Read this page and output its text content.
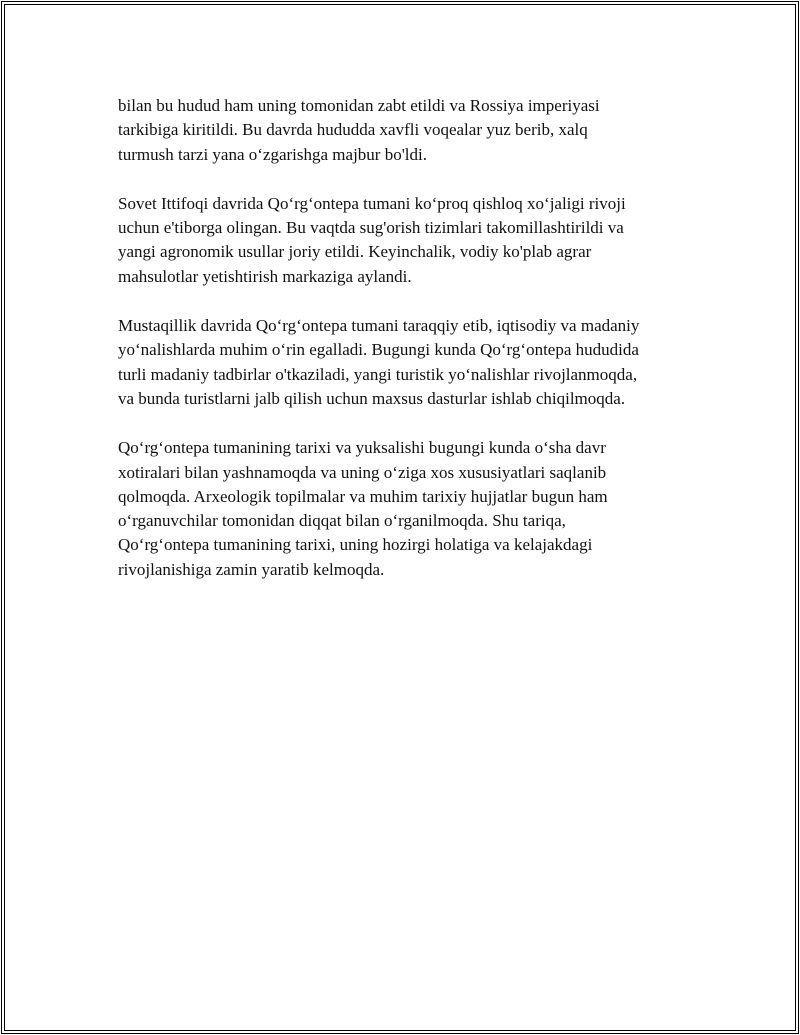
bilan bu hudud ham uning tomonidan zabt etildi va Rossiya imperiyasi
tarkibiga kiritildi. Bu davrda hududda xavfli voqealar yuz berib, xalq
turmush tarzi yana oʻzgarishga majbur bo'ldi.

Sovet Ittifoqi davrida Qoʻrgʻontepa tumani koʻproq qishloq xoʻjaligi rivoji
uchun e'tiborga olingan. Bu vaqtda sug'orish tizimlari takomillashtirildi va
yangi agronomik usullar joriy etildi. Keyinchalik, vodiy ko'plab agrar
mahsulotlar yetishtirish markaziga aylandi.

Mustaqillik davrida Qoʻrgʻontepa tumani taraqqiy etib, iqtisodiy va madaniy
yoʻnalishlarda muhim oʻrin egalladi. Bugungi kunda Qoʻrgʻontepa hududida
turli madaniy tadbirlar o'tkaziladi, yangi turistik yoʻnalishlar rivojlanmoqda,
va bunda turistlarni jalb qilish uchun maxsus dasturlar ishlab chiqilmoqda.

Qoʻrgʻontepa tumanining tarixi va yuksalishi bugungi kunda oʻsha davr
xotiralari bilan yashnamoqda va uning oʻziga xos xususiyatlari saqlanib
qolmoqda. Arxeologik topilmalar va muhim tarixiy hujjatlar bugun ham
oʻrganuvchilar tomonidan diqqat bilan oʻrganilmoqda. Shu tariqa,
Qoʻrgʻontepa tumanining tarixi, uning hozirgi holatiga va kelajakdagi
rivojlanishiga zamin yaratib kelmoqda.
